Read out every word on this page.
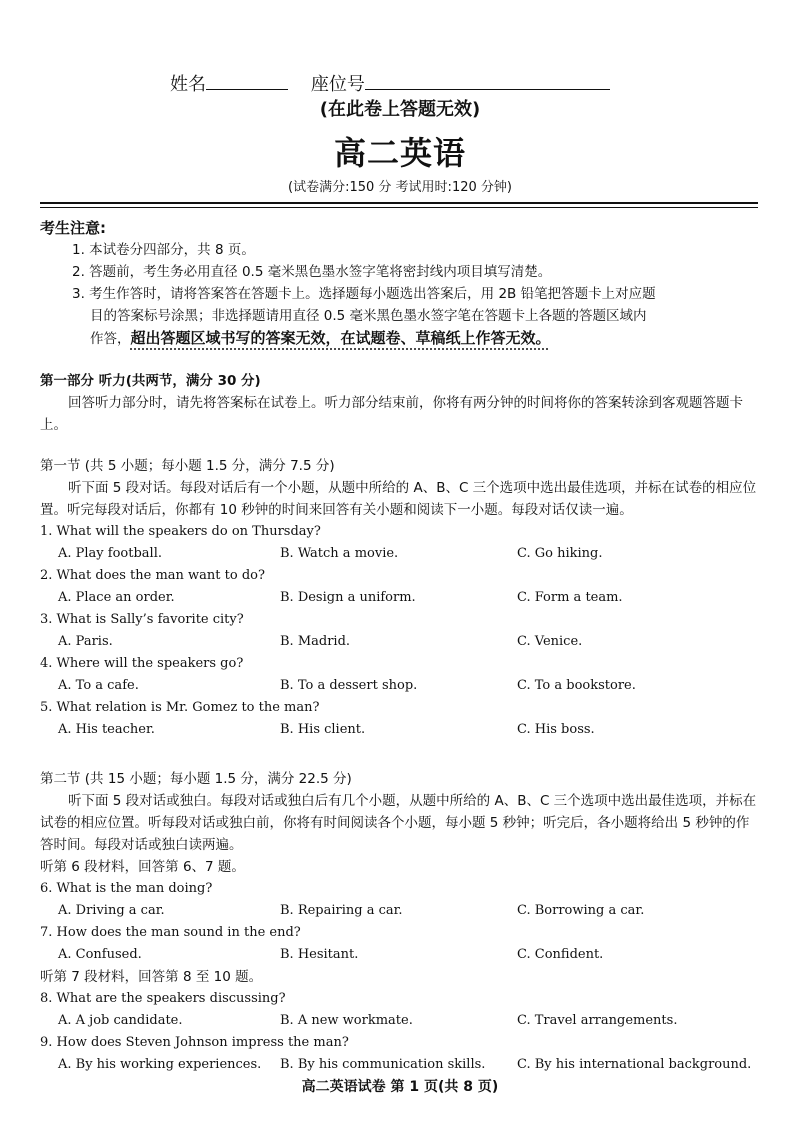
姓名	座位号
(在此卷上答题无效)
高二英语
(试卷满分:150 分 考试用时:120 分钟)
考生注意:
1. 本试卷分四部分，共 8 页。
2. 答题前，考生务必用直径 0.5 毫米黑色墨水签字笔将密封线内项目填写清楚。
3. 考生作答时，请将答案答在答题卡上。选择题每小题选出答案后，用 2B 铅笔把答题卡上对应题
目的答案标号涂黑；非选择题请用直径 0.5 毫米黑色墨水签字笔在答题卡上各题的答题区域内
作答，超出答题区域书写的答案无效，在试题卷、草稿纸上作答无效。
第一部分 听力(共两节，满分 30 分)
回答听力部分时，请先将答案标在试卷上。听力部分结束前，你将有两分钟的时间将你的答案转涂到客观题答题卡上。
第一节 (共 5 小题；每小题 1.5 分，满分 7.5 分)
听下面 5 段对话。每段对话后有一个小题，从题中所给的 A、B、C 三个选项中选出最佳选项，并标在试卷的相应位置。听完每段对话后，你都有 10 秒钟的时间来回答有关小题和阅读下一小题。每段对话仅读一遍。
1. What will the speakers do on Thursday?
A. Play football.	B. Watch a movie.	C. Go hiking.
2. What does the man want to do?
A. Place an order.	B. Design a uniform.	C. Form a team.
3. What is Sally’s favorite city?
A. Paris.	B. Madrid.	C. Venice.
4. Where will the speakers go?
A. To a cafe.	B. To a dessert shop.	C. To a bookstore.
5. What relation is Mr. Gomez to the man?
A. His teacher.	B. His client.	C. His boss.
第二节 (共 15 小题；每小题 1.5 分，满分 22.5 分)
听下面 5 段对话或独白。每段对话或独白后有几个小题，从题中所给的 A、B、C 三个选项中选出最佳选项，并标在试卷的相应位置。听每段对话或独白前，你将有时间阅读各个小题，每小题 5 秒钟；听完后，各小题将给出 5 秒钟的作答时间。每段对话或独白读两遍。
听第 6 段材料，回答第 6、7 题。
6. What is the man doing?
A. Driving a car.	B. Repairing a car.	C. Borrowing a car.
7. How does the man sound in the end?
A. Confused.	B. Hesitant.	C. Confident.
听第 7 段材料，回答第 8 至 10 题。
8. What are the speakers discussing?
A. A job candidate.	B. A new workmate.	C. Travel arrangements.
9. How does Steven Johnson impress the man?
A. By his working experiences.	B. By his communication skills.	C. By his international background.
高二英语试卷 第 1 页(共 8 页)
